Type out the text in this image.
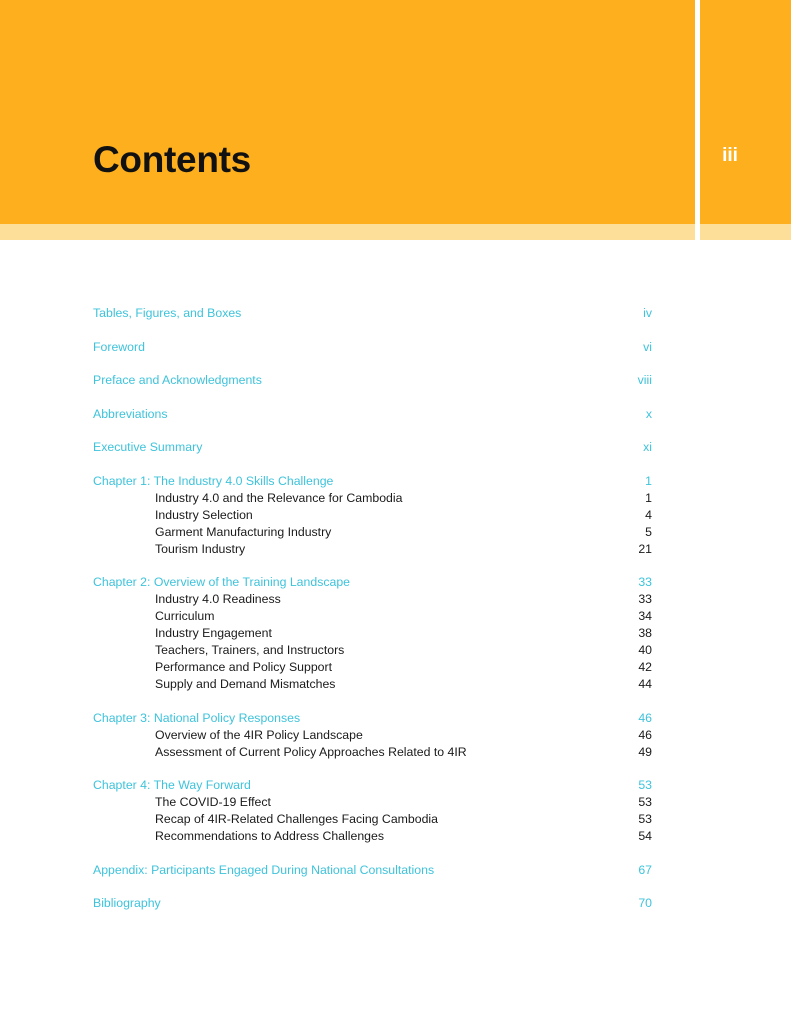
Contents	iii
Tables, Figures, and Boxes	iv
Foreword	vi
Preface and Acknowledgments	viii
Abbreviations	x
Executive Summary	xi
Chapter 1: The Industry 4.0 Skills Challenge	1
Industry 4.0 and the Relevance for Cambodia	1
Industry Selection	4
Garment Manufacturing Industry	5
Tourism Industry	21
Chapter 2: Overview of the Training Landscape	33
Industry 4.0 Readiness	33
Curriculum	34
Industry Engagement	38
Teachers, Trainers, and Instructors	40
Performance and Policy Support	42
Supply and Demand Mismatches	44
Chapter 3: National Policy Responses	46
Overview of the 4IR Policy Landscape	46
Assessment of Current Policy Approaches Related to 4IR	49
Chapter 4: The Way Forward	53
The COVID-19 Effect	53
Recap of 4IR-Related Challenges Facing Cambodia	53
Recommendations to Address Challenges	54
Appendix: Participants Engaged During National Consultations	67
Bibliography	70
